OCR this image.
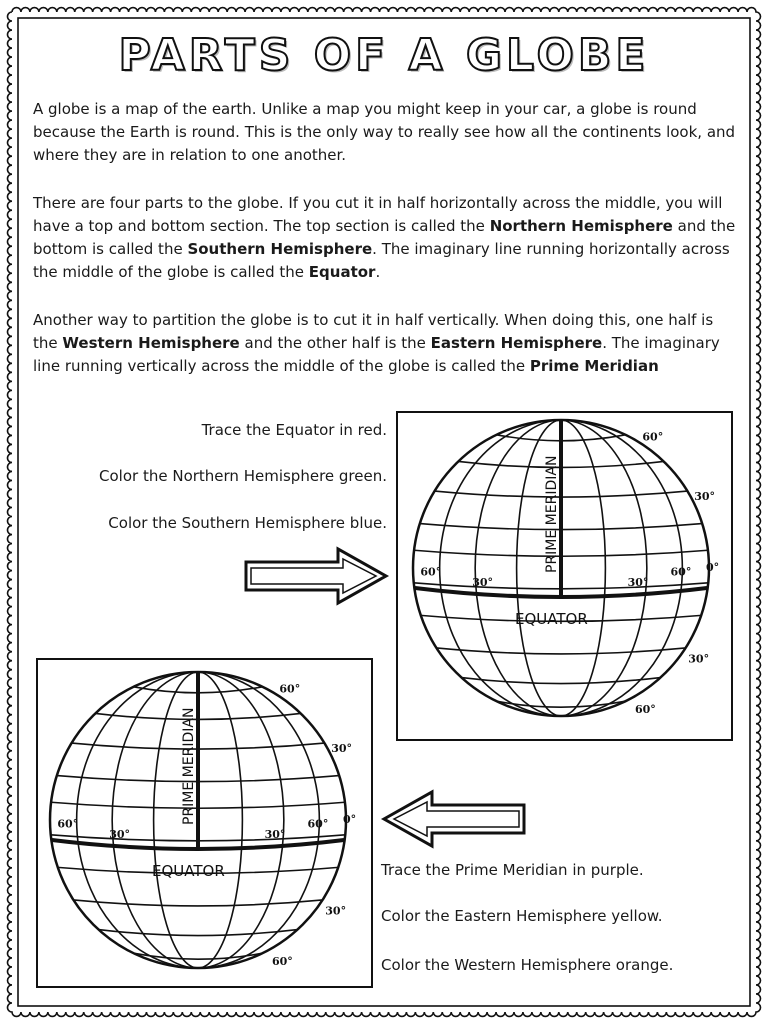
PARTS OF A GLOBE

A globe is a map of the earth. Unlike a map you might keep in your car, a globe is round because the Earth is round. This is the only way to really see how all the continents look, and where they are in relation to one another.

There are four parts to the globe. If you cut it in half horizontally across the middle, you will have a top and bottom section. The top section is called the Northern Hemisphere and the bottom is called the Southern Hemisphere. The imaginary line running horizontally across the middle of the globe is called the Equator.

Another way to partition the globe is to cut it in half vertically. When doing this, one half is the Western Hemisphere and the other half is the Eastern Hemisphere. The imaginary line running vertically across the middle of the globe is called the Prime Meridian

Trace the Equator in red.
Color the Northern Hemisphere green.
Color the Southern Hemisphere blue.	PRIME MERIDIAN
EQUATOR
60°
30°
60°
30°	30°
60° 0°
30°
60°
PRIME MERIDIAN
EQUATOR
60°
30°
60°
30°	30°
60° 0°
30°
60°
Trace the Prime Meridian in purple.
Color the Eastern Hemisphere yellow.
Color the Western Hemisphere orange.
